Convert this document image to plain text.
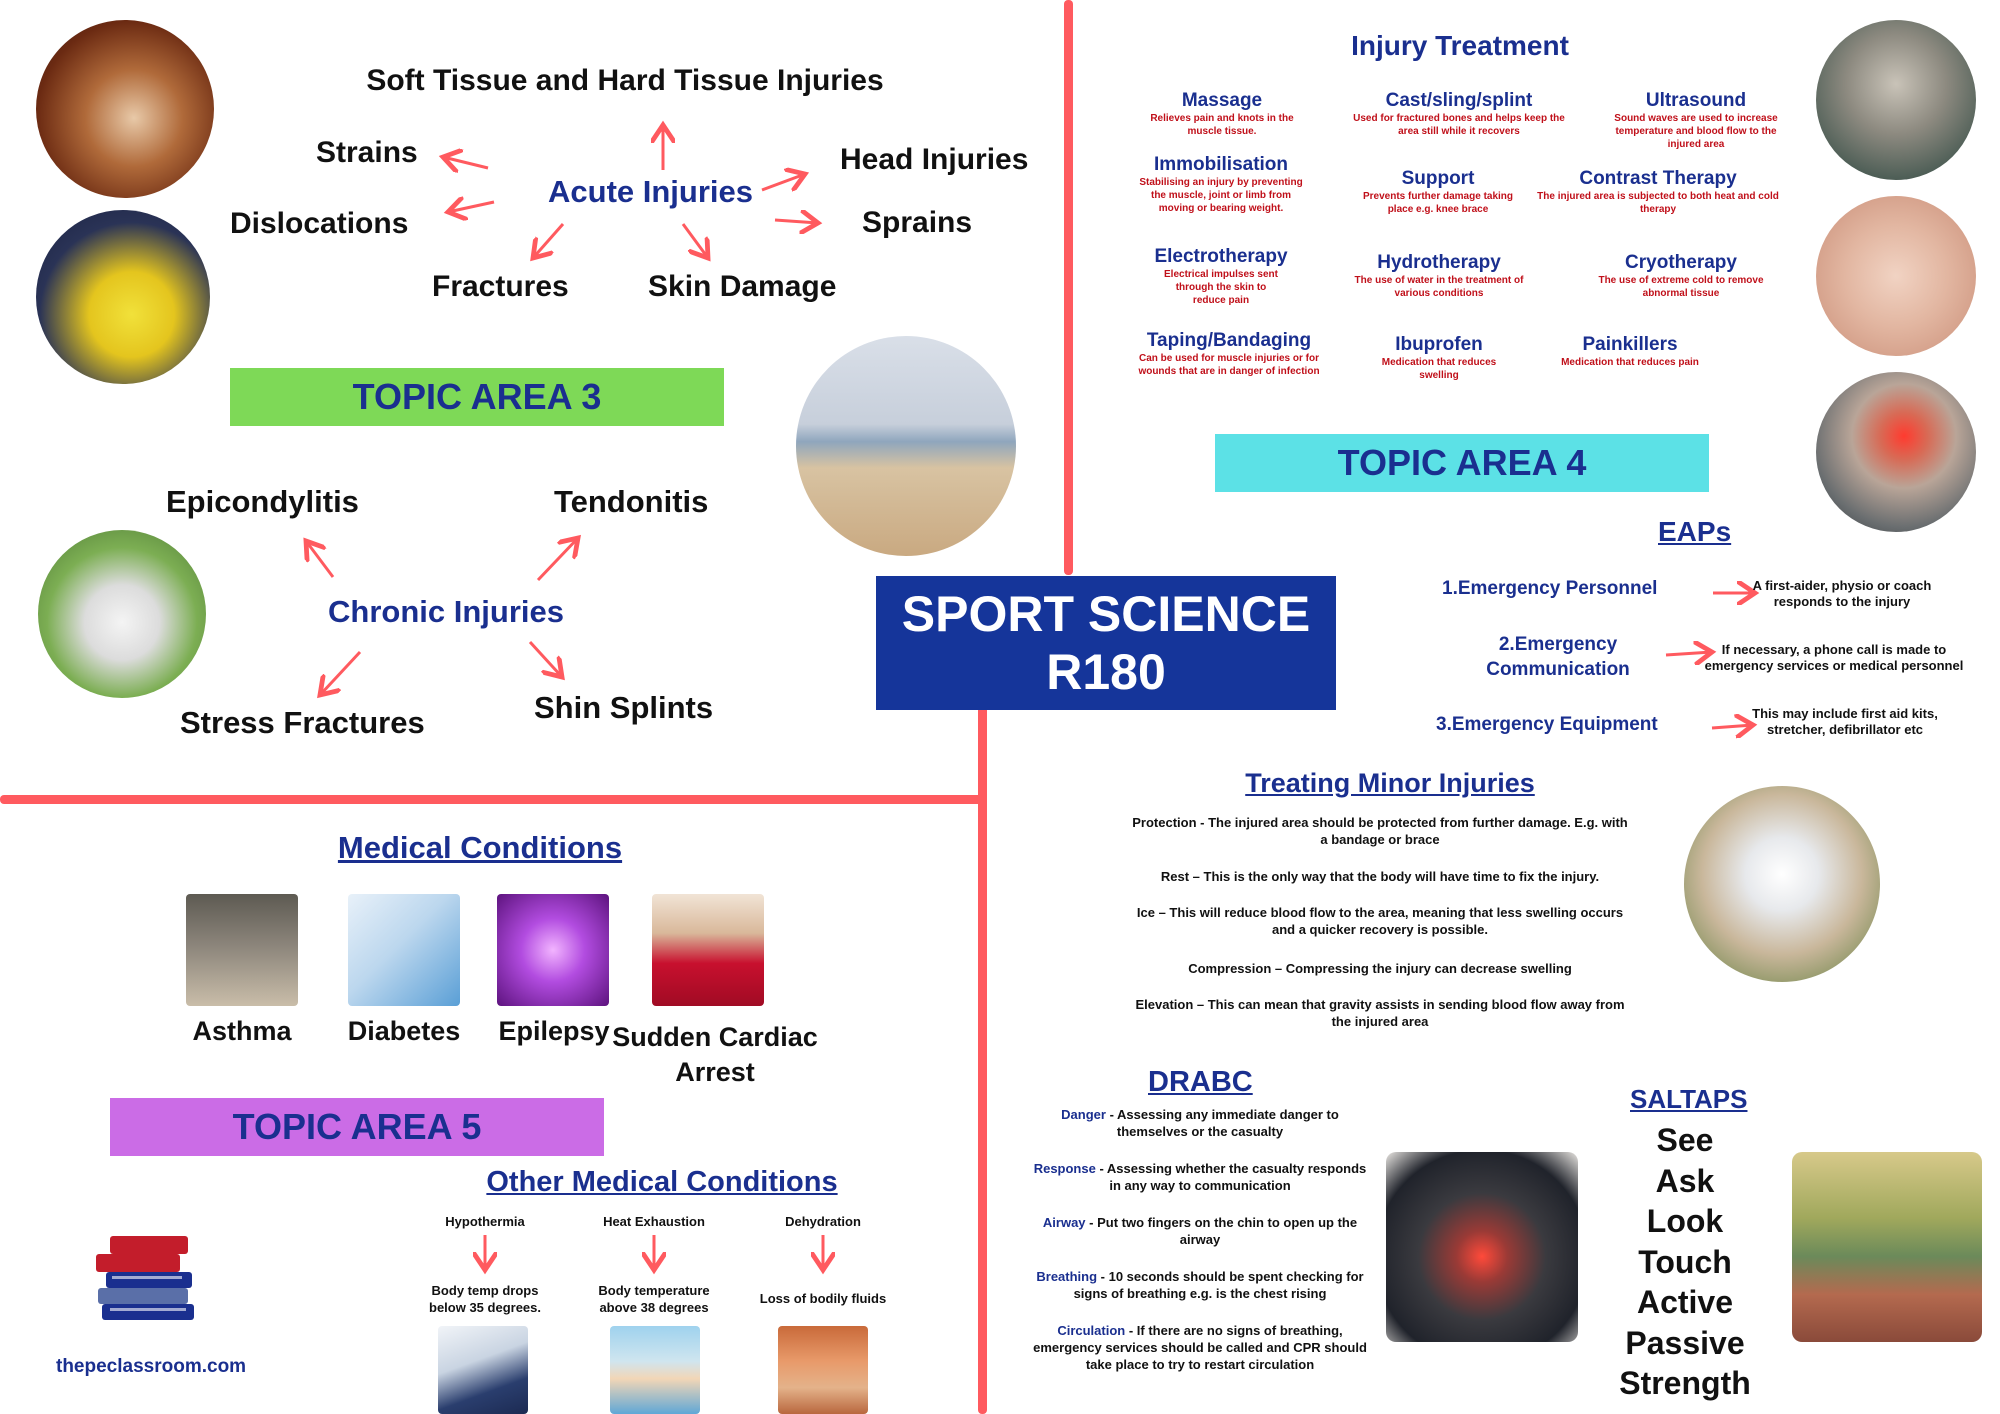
Soft Tissue and Hard Tissue Injuries
Strains
Acute Injuries
Head Injuries
Dislocations	Sprains
Fractures	Skin Damage
TOPIC AREA 3
Epicondylitis	Tendonitis
Chronic Injuries
Shin Splints
Stress Fractures
SPORT SCIENCE
R180
Injury Treatment
Massage
Relieves pain and knots in the muscle tissue.
Cast/sling/splint
Used for fractured bones and helps keep the area still while it recovers
Ultrasound
Sound waves are used to increase temperature and blood flow to the injured area
Immobilisation
Stabilising an injury by preventing the muscle, joint or limb from moving or bearing weight.
Support
Prevents further damage taking place e.g. knee brace
Contrast Therapy
The injured area is subjected to both heat and cold therapy
Electrotherapy
Electrical impulses sent through the skin to reduce pain
Hydrotherapy
The use of water in the treatment of various conditions
Cryotherapy
The use of extreme cold to remove abnormal tissue
Taping/Bandaging
Can be used for muscle injuries or for wounds that are in danger of infection
Ibuprofen
Medication that reduces swelling
Painkillers
Medication that reduces pain
TOPIC AREA 4
EAPs
1.Emergency Personnel	A first-aider, physio or coach responds to the injury
2.Emergency Communication
If necessary, a phone call is made to emergency services or medical personnel
3.Emergency Equipment
This may include first aid kits, stretcher, defibrillator etc
Treating Minor Injuries
Protection - The injured area should be protected from further damage. E.g. with a bandage or brace
Rest – This is the only way that the body will have time to fix the injury.
Ice – This will reduce blood flow to the area, meaning that less swelling occurs and a quicker recovery is possible.
Compression – Compressing the injury can decrease swelling
Elevation – This can mean that gravity assists in sending blood flow away from the injured area
DRABC
Danger - Assessing any immediate danger to themselves or the casualty
Response - Assessing whether the casualty responds in any way to communication
Airway - Put two fingers on the chin to open up the airway
Breathing - 10 seconds should be spent checking for signs of breathing e.g. is the chest rising
Circulation - If there are no signs of breathing, emergency services should be called and CPR should take place to try to restart circulation
SALTAPS
See
Ask
Look
Touch
Active
Passive
Strength
Medical Conditions
Asthma	Diabetes	Epilepsy Sudden Cardiac Arrest
TOPIC AREA 5
Other Medical Conditions
Hypothermia	Heat Exhaustion	Dehydration
Body temp drops below 35 degrees.
Body temperature above 38 degrees
Loss of bodily fluids
thepeclassroom.com
